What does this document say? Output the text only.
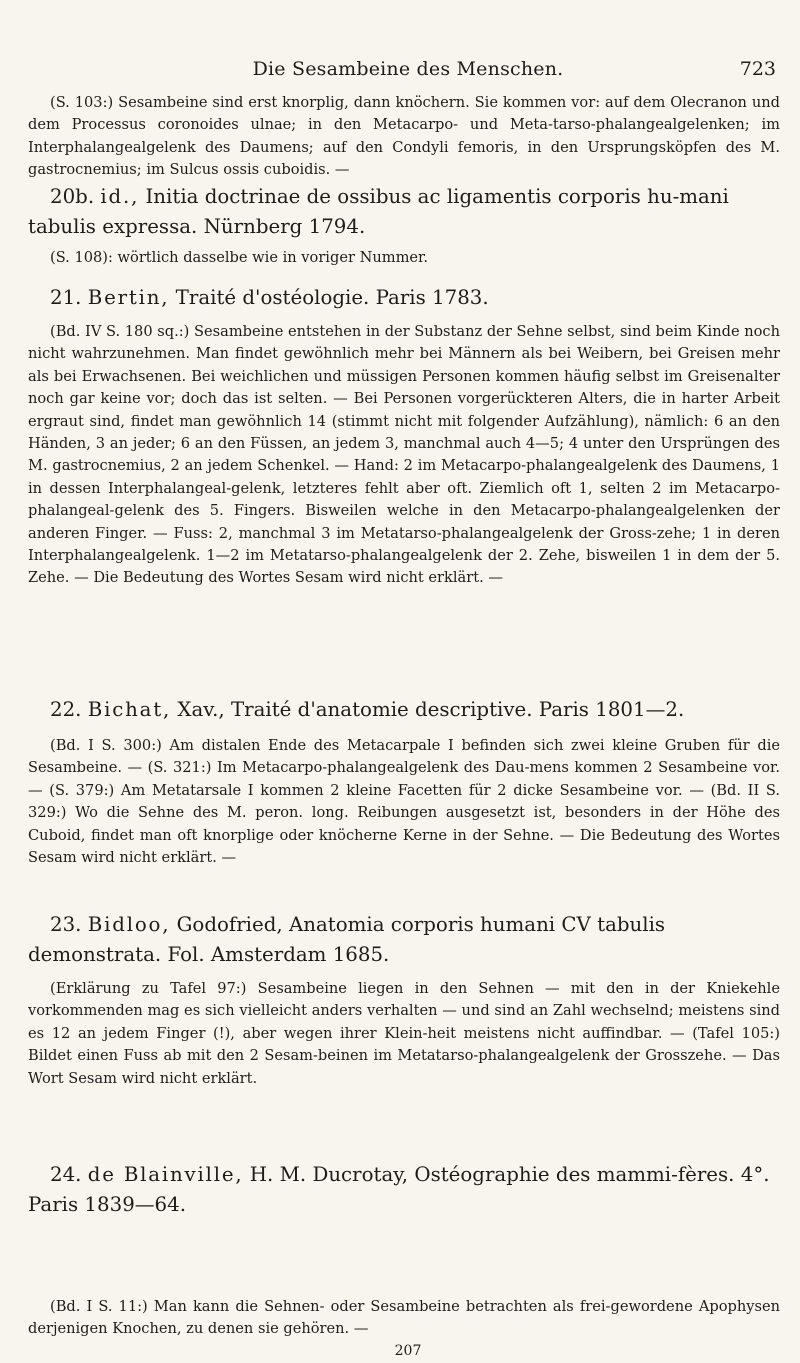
Die Sesambeine des Menschen.	723
(S. 103:) Sesambeine sind erst knorplig, dann knöchern. Sie kommen vor: auf dem Olecranon und dem Processus coronoides ulnae; in den Metacarpo- und Meta-tarso-phalangealgelenken; im Interphalangealgelenk des Daumens; auf den Condyli femoris, in den Ursprungsköpfen des M. gastrocnemius; im Sulcus ossis cuboidis. —
20b. id., Initia doctrinae de ossibus ac ligamentis corporis hu-mani tabulis expressa. Nürnberg 1794.
(S. 108): wörtlich dasselbe wie in voriger Nummer.
21. Bertin, Traité d'ostéologie. Paris 1783.
(Bd. IV S. 180 sq.:) Sesambeine entstehen in der Substanz der Sehne selbst, sind beim Kinde noch nicht wahrzunehmen. Man findet gewöhnlich mehr bei Männern als bei Weibern, bei Greisen mehr als bei Erwachsenen. Bei weichlichen und müssigen Personen kommen häufig selbst im Greisenalter noch gar keine vor; doch das ist selten. — Bei Personen vorgerückteren Alters, die in harter Arbeit ergraut sind, findet man gewöhnlich 14 (stimmt nicht mit folgender Aufzählung), nämlich: 6 an den Händen, 3 an jeder; 6 an den Füssen, an jedem 3, manchmal auch 4—5; 4 unter den Ursprüngen des M. gastrocnemius, 2 an jedem Schenkel. — Hand: 2 im Metacarpo-phalangealgelenk des Daumens, 1 in dessen Interphalangeal-gelenk, letzteres fehlt aber oft. Ziemlich oft 1, selten 2 im Metacarpo-phalangeal-gelenk des 5. Fingers. Bisweilen welche in den Metacarpo-phalangealgelenken der anderen Finger. — Fuss: 2, manchmal 3 im Metatarso-phalangealgelenk der Gross-zehe; 1 in deren Interphalangealgelenk. 1—2 im Metatarso-phalangealgelenk der 2. Zehe, bisweilen 1 in dem der 5. Zehe. — Die Bedeutung des Wortes Sesam wird nicht erklärt. —
22. Bichat, Xav., Traité d'anatomie descriptive. Paris 1801—2.
(Bd. I S. 300:) Am distalen Ende des Metacarpale I befinden sich zwei kleine Gruben für die Sesambeine. — (S. 321:) Im Metacarpo-phalangealgelenk des Dau-mens kommen 2 Sesambeine vor. — (S. 379:) Am Metatarsale I kommen 2 kleine Facetten für 2 dicke Sesambeine vor. — (Bd. II S. 329:) Wo die Sehne des M. peron. long. Reibungen ausgesetzt ist, besonders in der Höhe des Cuboid, findet man oft knorplige oder knöcherne Kerne in der Sehne. — Die Bedeutung des Wortes Sesam wird nicht erklärt. —
23. Bidloo, Godofried, Anatomia corporis humani CV tabulis demonstrata. Fol. Amsterdam 1685.
(Erklärung zu Tafel 97:) Sesambeine liegen in den Sehnen — mit den in der Kniekehle vorkommenden mag es sich vielleicht anders verhalten — und sind an Zahl wechselnd; meistens sind es 12 an jedem Finger (!), aber wegen ihrer Klein-heit meistens nicht auffindbar. — (Tafel 105:) Bildet einen Fuss ab mit den 2 Sesam-beinen im Metatarso-phalangealgelenk der Grosszehe. — Das Wort Sesam wird nicht erklärt.
24. de Blainville, H. M. Ducrotay, Ostéographie des mammi-fères. 4°. Paris 1839—64.
(Bd. I S. 11:) Man kann die Sehnen- oder Sesambeine betrachten als frei-gewordene Apophysen derjenigen Knochen, zu denen sie gehören. —
207
